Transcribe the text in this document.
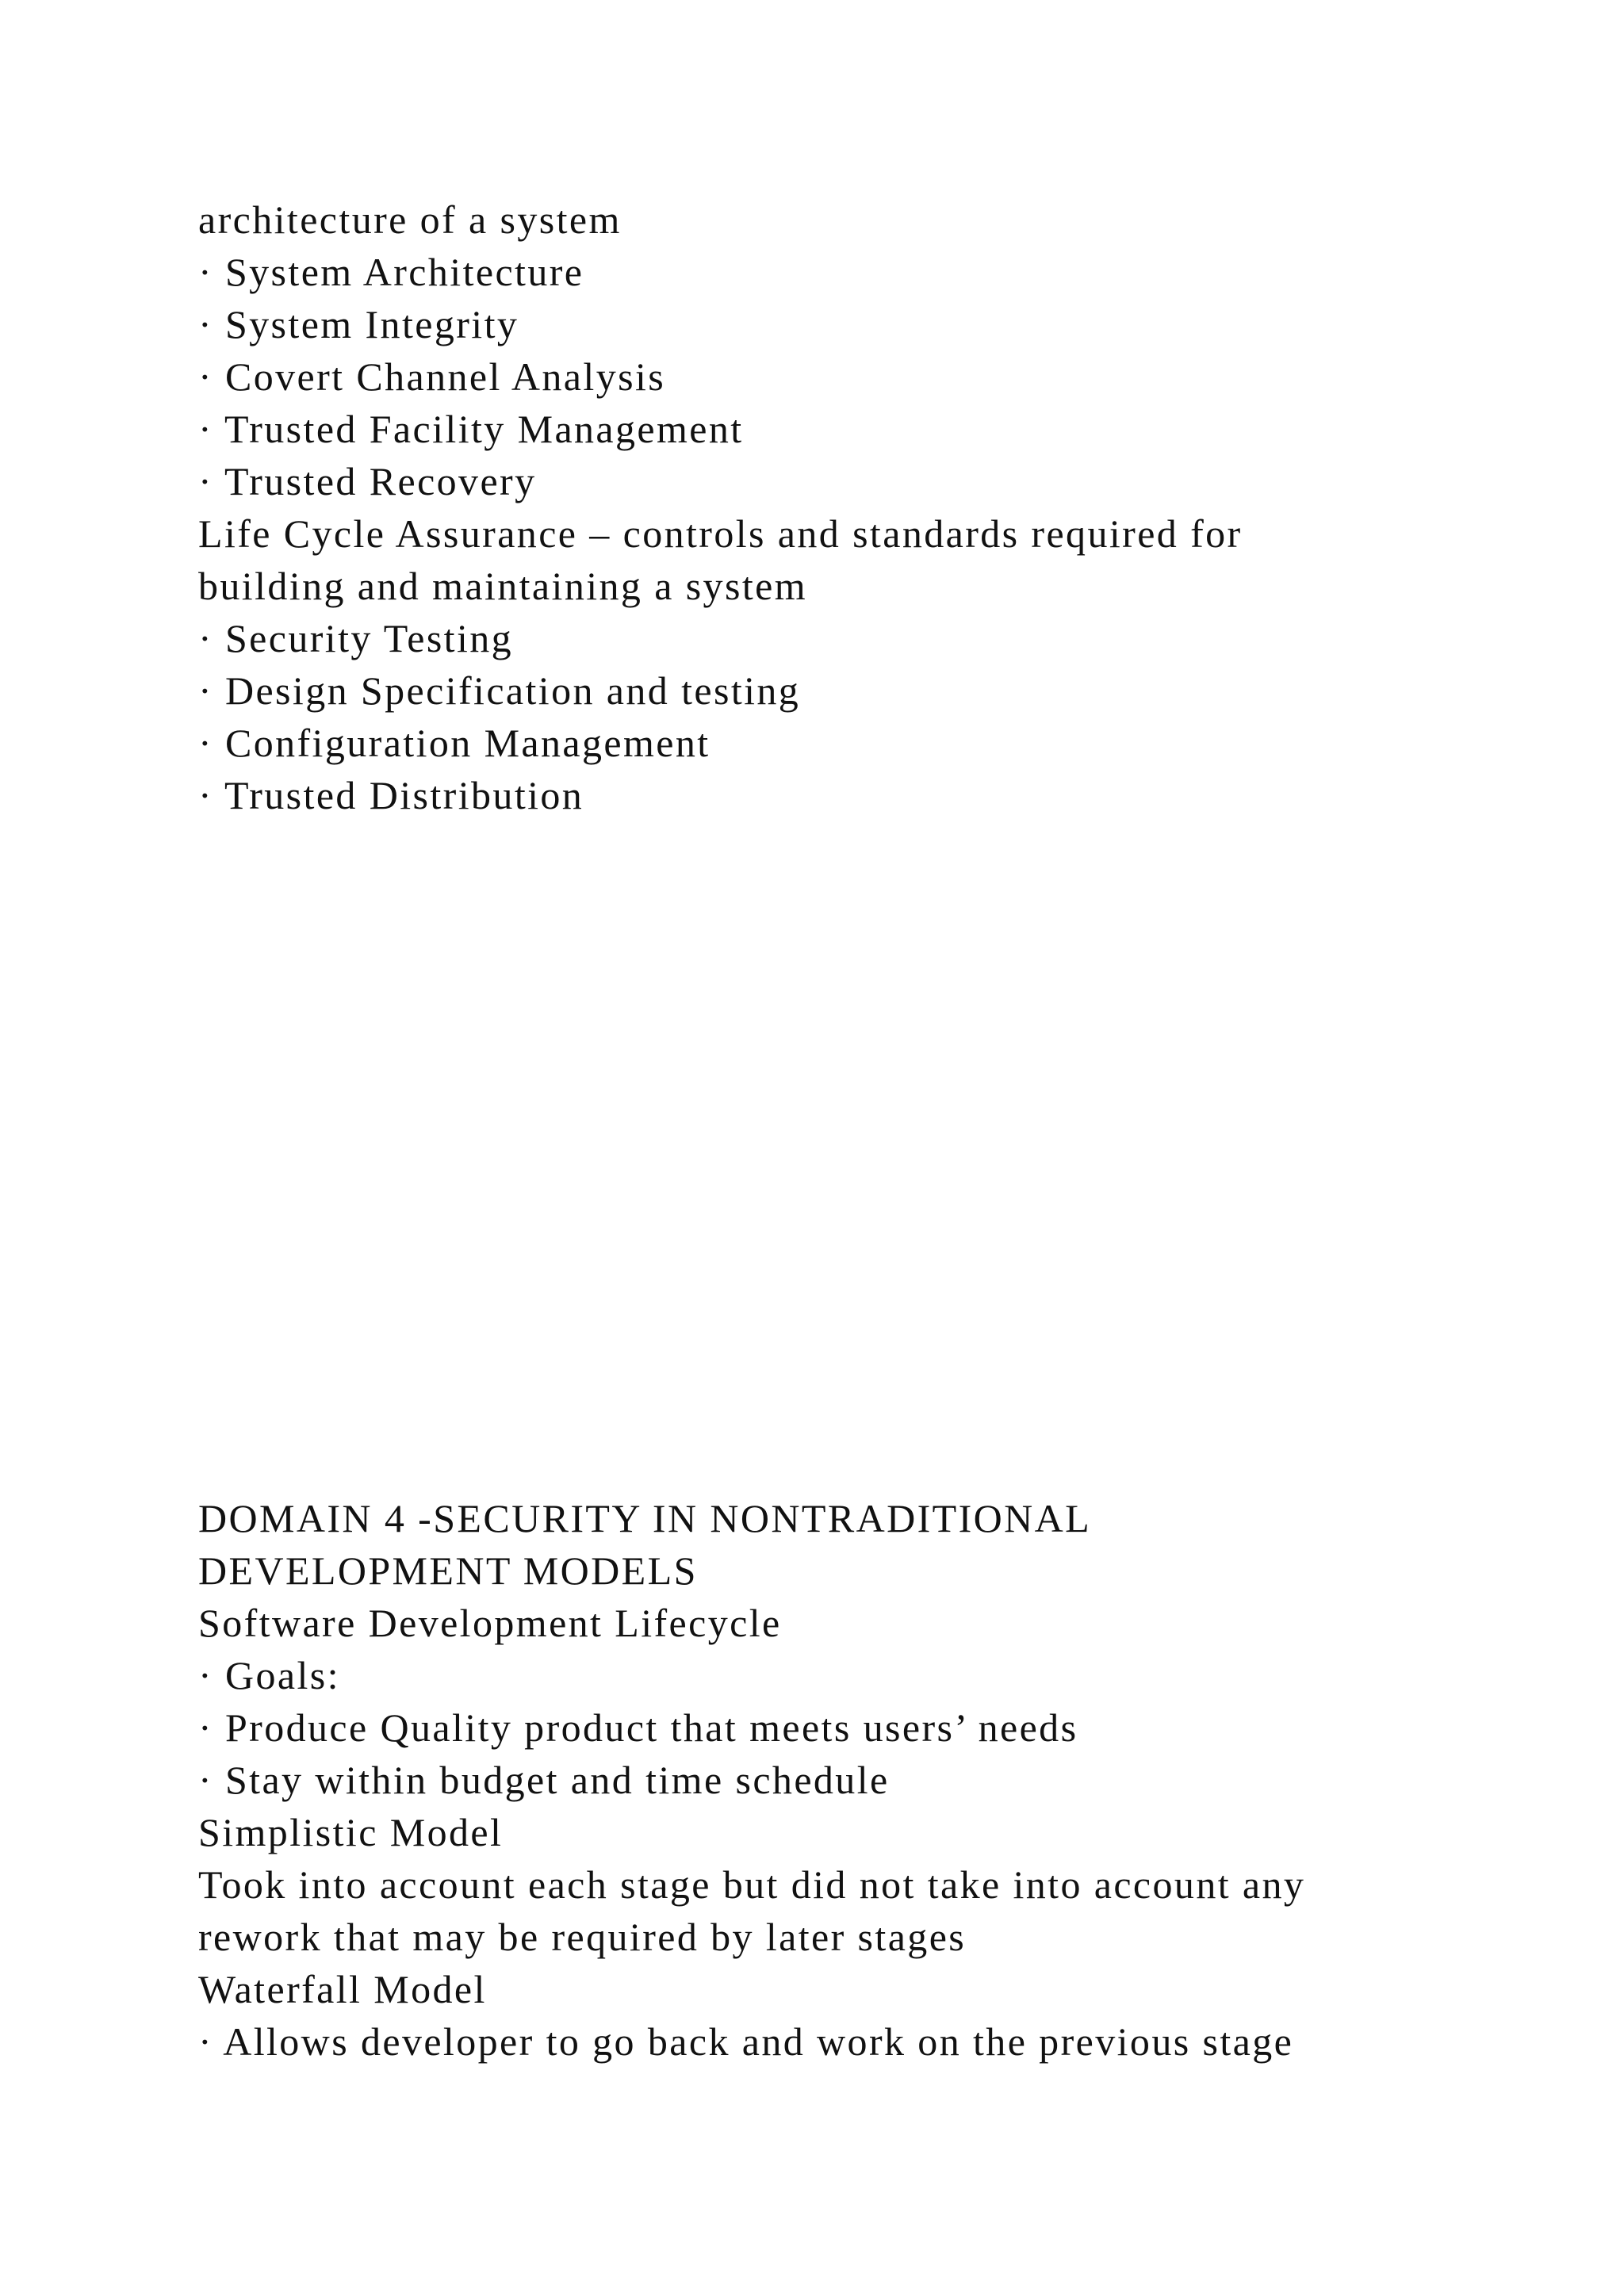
architecture of a system
· System Architecture
· System Integrity
· Covert Channel Analysis
· Trusted Facility Management
· Trusted Recovery
Life Cycle Assurance – controls and standards required for
building and maintaining a system
· Security Testing
· Design Specification and testing
· Configuration Management
· Trusted Distribution
DOMAIN 4 -SECURITY IN NONTRADITIONAL
DEVELOPMENT MODELS
Software Development Lifecycle
· Goals:
· Produce Quality product that meets users’ needs
· Stay within budget and time schedule
Simplistic Model
Took into account each stage but did not take into account any
rework that may be required by later stages
Waterfall Model
· Allows developer to go back and work on the previous stage
